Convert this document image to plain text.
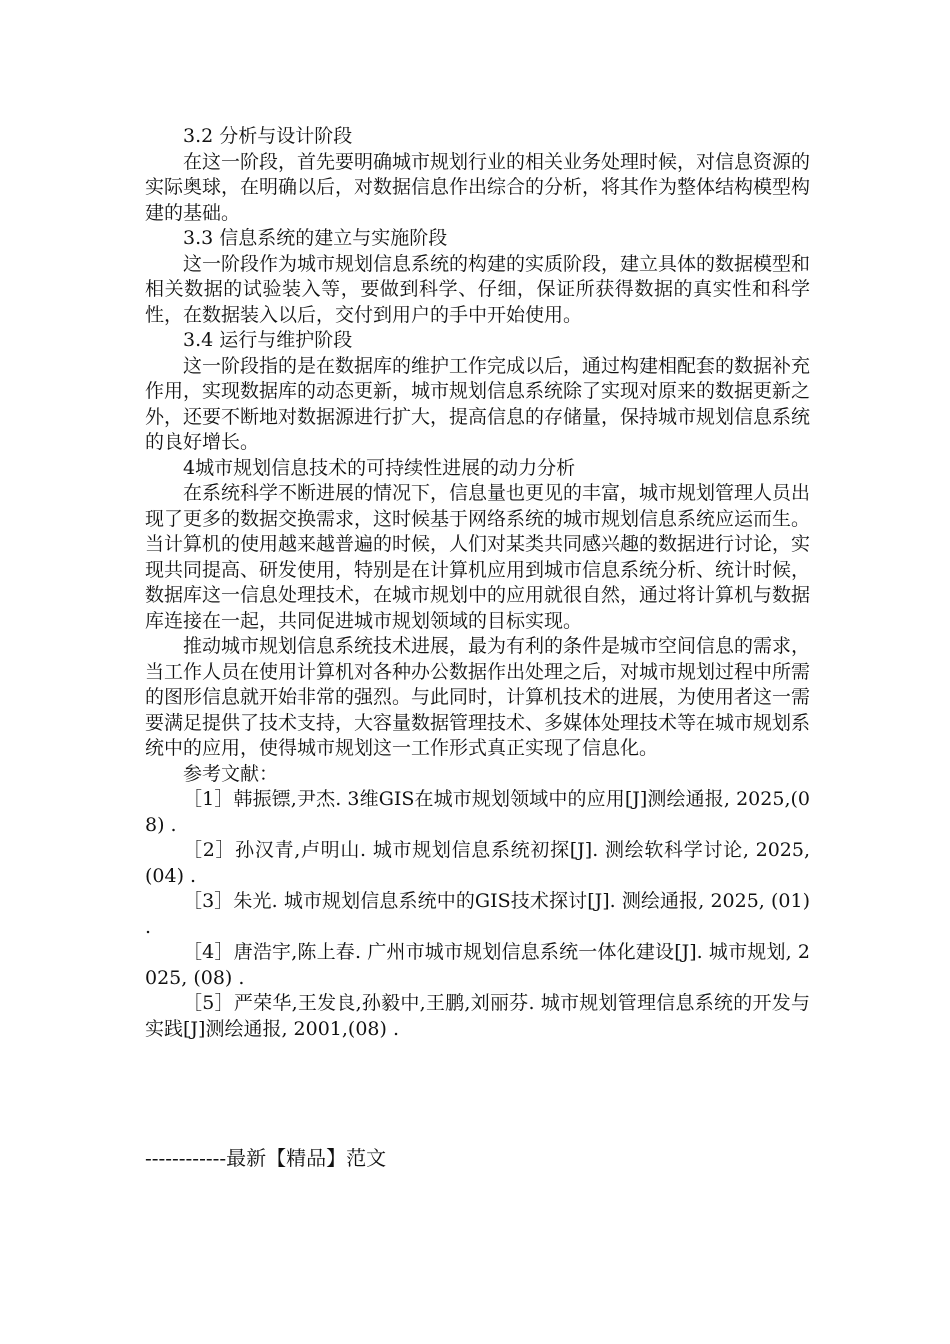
3.2 分析与设计阶段

在这一阶段，首先要明确城市规划行业的相关业务处理时候，对信息资源的实际奥球，在明确以后，对数据信息作出综合的分析，将其作为整体结构模型构建的基础。

3.3 信息系统的建立与实施阶段

这一阶段作为城市规划信息系统的构建的实质阶段，建立具体的数据模型和相关数据的试验装入等，要做到科学、仔细，保证所获得数据的真实性和科学性，在数据装入以后，交付到用户的手中开始使用。

3.4 运行与维护阶段

这一阶段指的是在数据库的维护工作完成以后，通过构建相配套的数据补充作用，实现数据库的动态更新，城市规划信息系统除了实现对原来的数据更新之外，还要不断地对数据源进行扩大，提高信息的存储量，保持城市规划信息系统的良好增长。

4城市规划信息技术的可持续性进展的动力分析

在系统科学不断进展的情况下，信息量也更见的丰富，城市规划管理人员出现了更多的数据交换需求，这时候基于网络系统的城市规划信息系统应运而生。当计算机的使用越来越普遍的时候，人们对某类共同感兴趣的数据进行讨论，实现共同提高、研发使用，特别是在计算机应用到城市信息系统分析、统计时候，数据库这一信息处理技术，在城市规划中的应用就很自然，通过将计算机与数据库连接在一起，共同促进城市规划领域的目标实现。

推动城市规划信息系统技术进展，最为有利的条件是城市空间信息的需求，当工作人员在使用计算机对各种办公数据作出处理之后，对城市规划过程中所需的图形信息就开始非常的强烈。与此同时，计算机技术的进展，为使用者这一需要满足提供了技术支持，大容量数据管理技术、多媒体处理技术等在城市规划系统中的应用，使得城市规划这一工作形式真正实现了信息化。

参考文献：

［1］韩振镖,尹杰. 3维GIS在城市规划领域中的应用[J]测绘通报, 2025,(08) .

［2］孙汉青,卢明山. 城市规划信息系统初探[J]. 测绘软科学讨论, 2025, (04) .

［3］朱光. 城市规划信息系统中的GIS技术探讨[J]. 测绘通报, 2025, (01) .

［4］唐浩宇,陈上春. 广州市城市规划信息系统一体化建设[J]. 城市规划, 2025, (08) .

［5］严荣华,王发良,孙毅中,王鹏,刘丽芬. 城市规划管理信息系统的开发与实践[J]测绘通报, 2001,(08) .

------------最新【精品】范文
